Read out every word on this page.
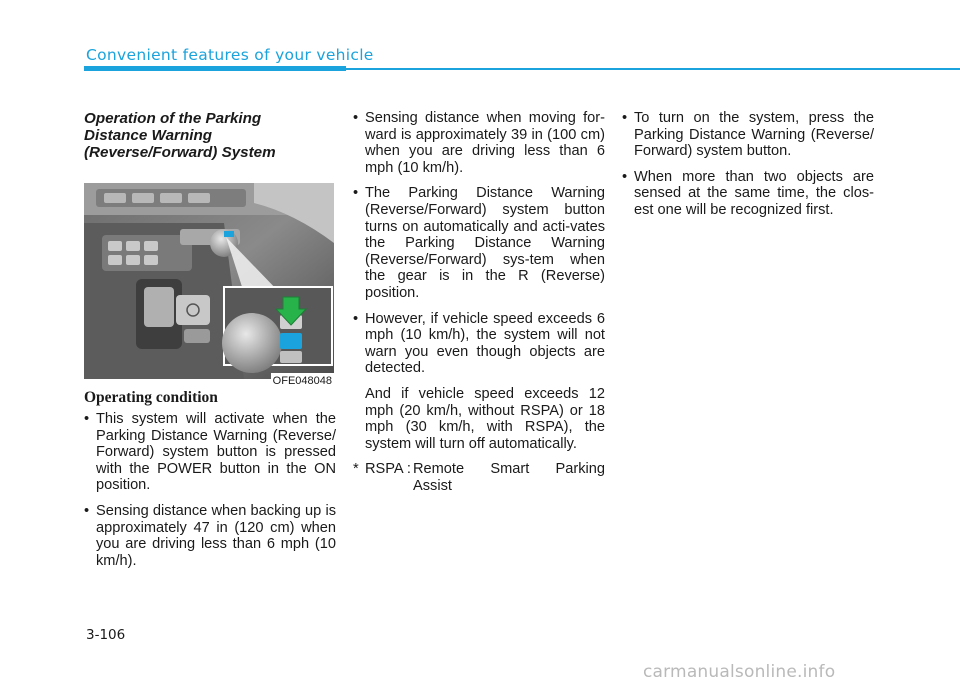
Convenient features of your vehicle
Operation of the Parking
Distance Warning
(Reverse/Forward) System
OFE048048
Operating condition
• This system will activate when the Parking Distance Warning (Reverse/ Forward) system button is pressed with the POWER button in the ON position.
• Sensing distance when backing up is approximately 47 in (120 cm) when you are driving less than 6 mph (10 km/h).
• Sensing distance when moving for-ward is approximately 39 in (100 cm) when you are driving less than 6 mph (10 km/h).
• The Parking Distance Warning (Reverse/Forward) system button turns on automatically and acti-vates the Parking Distance Warning (Reverse/Forward) sys-tem when the gear is in the R (Reverse) position.
• However, if vehicle speed exceeds 6 mph (10 km/h), the system will not warn you even though objects are detected.
And if vehicle speed exceeds 12 mph (20 km/h, without RSPA) or 18 mph (30 km/h, with RSPA), the system will turn off automatically.
* RSPA : Remote Smart Parking
Assist
• To turn on the system, press the Parking Distance Warning (Reverse/ Forward) system button.
• When more than two objects are sensed at the same time, the clos-est one will be recognized first.
3-106
carmanualsonline.info
